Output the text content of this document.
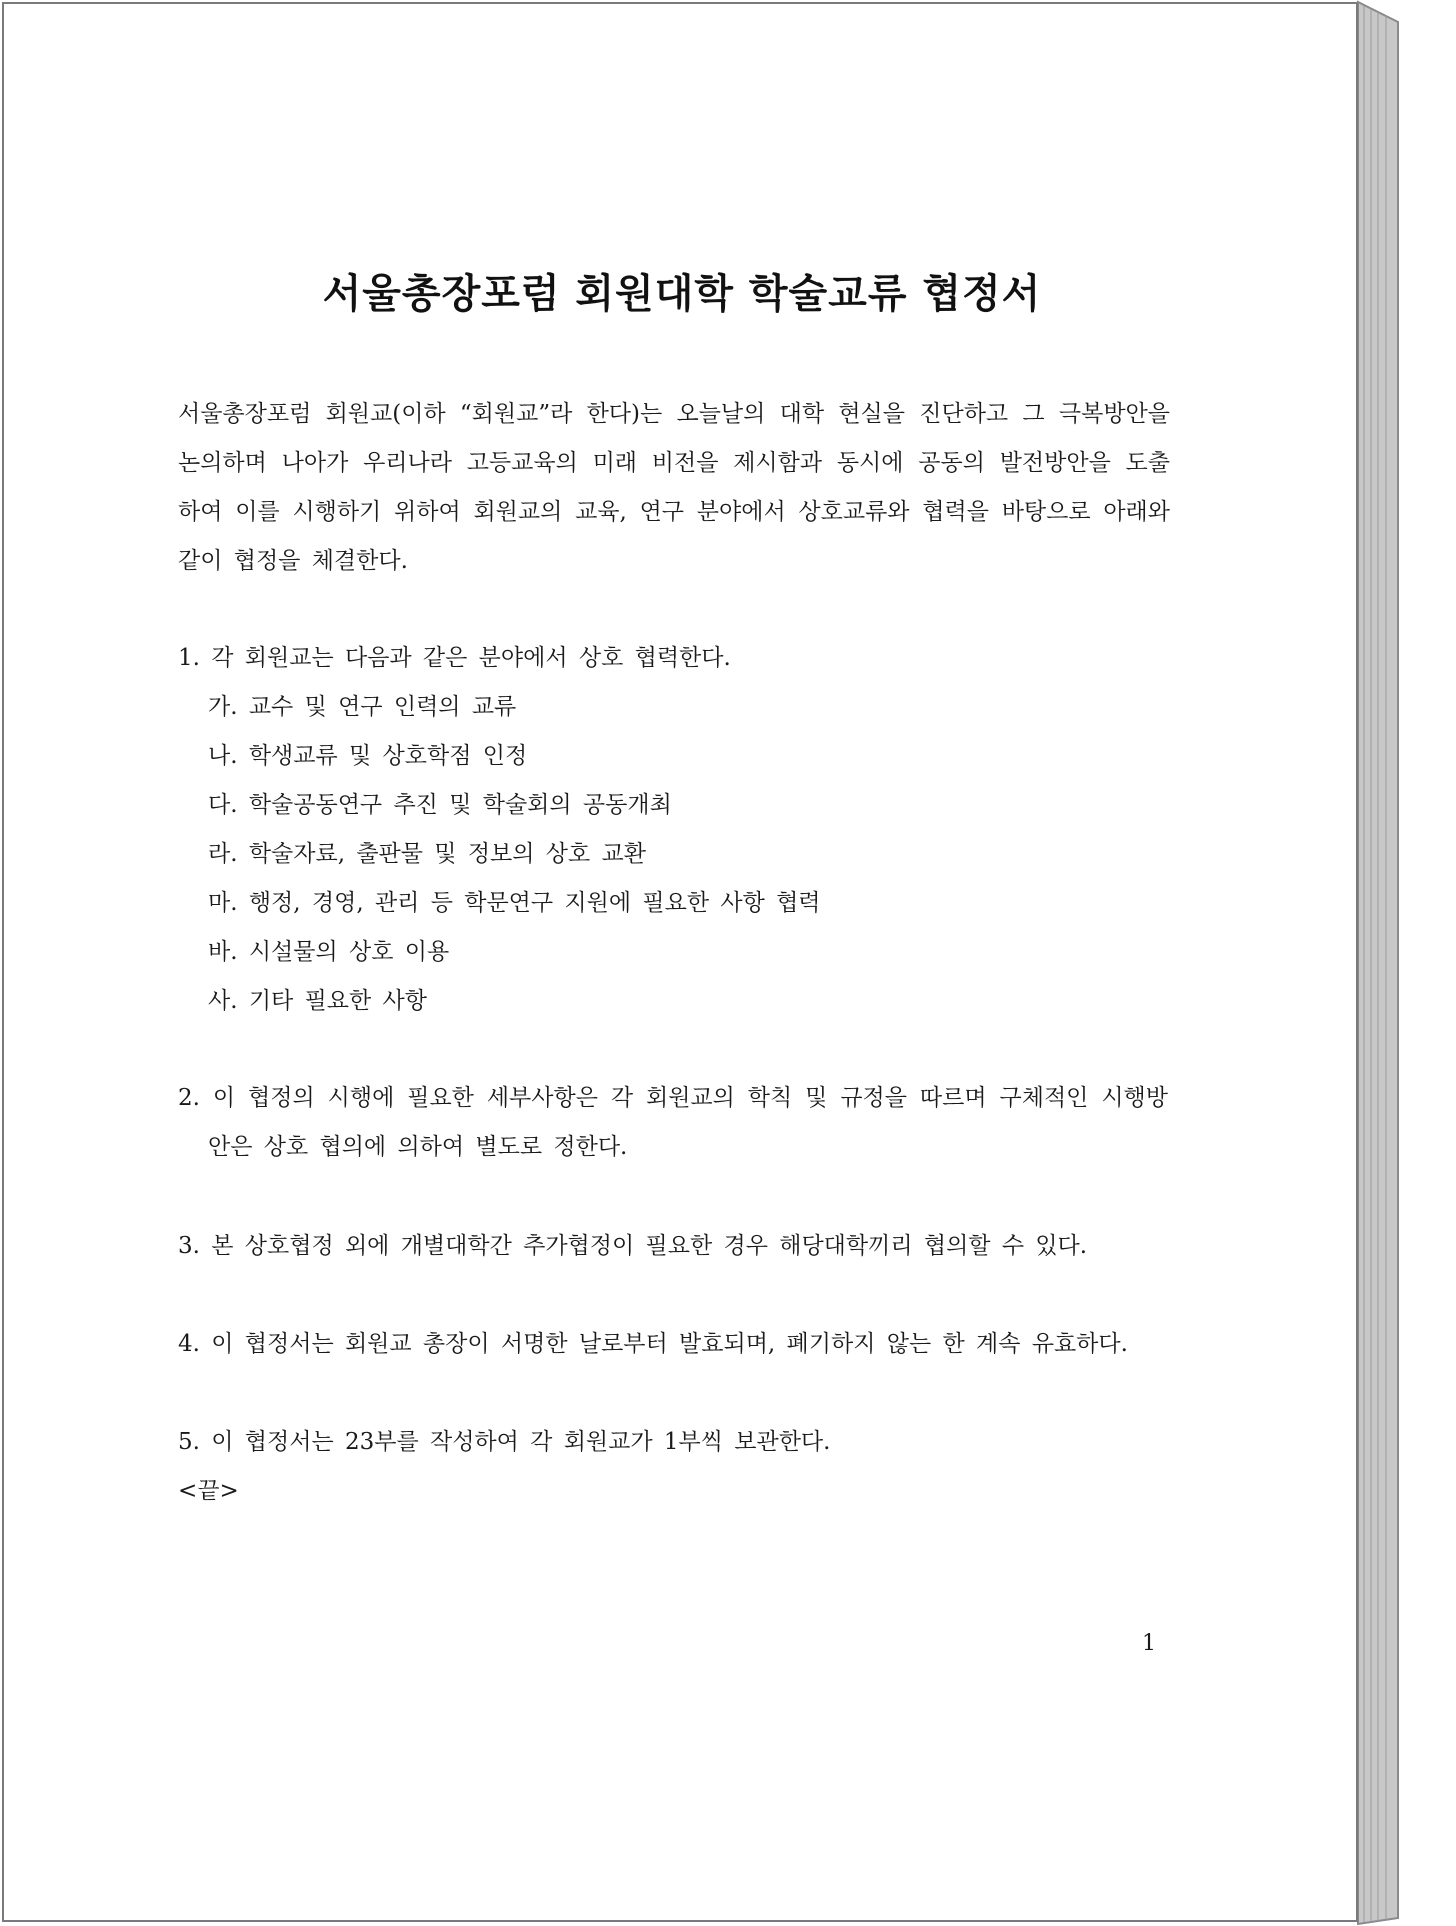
서울총장포럼 회원대학 학술교류 협정서
서울총장포럼 회원교(이하 “회원교”라 한다)는 오늘날의 대학 현실을 진단하고 그 극복방안을
논의하며 나아가 우리나라 고등교육의 미래 비전을 제시함과 동시에 공동의 발전방안을 도출
하여 이를 시행하기 위하여 회원교의 교육, 연구 분야에서 상호교류와 협력을 바탕으로 아래와
같이 협정을 체결한다.
1. 각 회원교는 다음과 같은 분야에서 상호 협력한다.
가. 교수 및 연구 인력의 교류
나. 학생교류 및 상호학점 인정
다. 학술공동연구 추진 및 학술회의 공동개최
라. 학술자료, 출판물 및 정보의 상호 교환
마. 행정, 경영, 관리 등 학문연구 지원에 필요한 사항 협력
바. 시설물의 상호 이용
사. 기타 필요한 사항
2. 이 협정의 시행에 필요한 세부사항은 각 회원교의 학칙 및 규정을 따르며 구체적인 시행방
안은 상호 협의에 의하여 별도로 정한다.
3. 본 상호협정 외에 개별대학간 추가협정이 필요한 경우 해당대학끼리 협의할 수 있다.
4. 이 협정서는 회원교 총장이 서명한 날로부터 발효되며, 폐기하지 않는 한 계속 유효하다.
5. 이 협정서는 23부를 작성하여 각 회원교가 1부씩 보관한다.
<끝>
1
